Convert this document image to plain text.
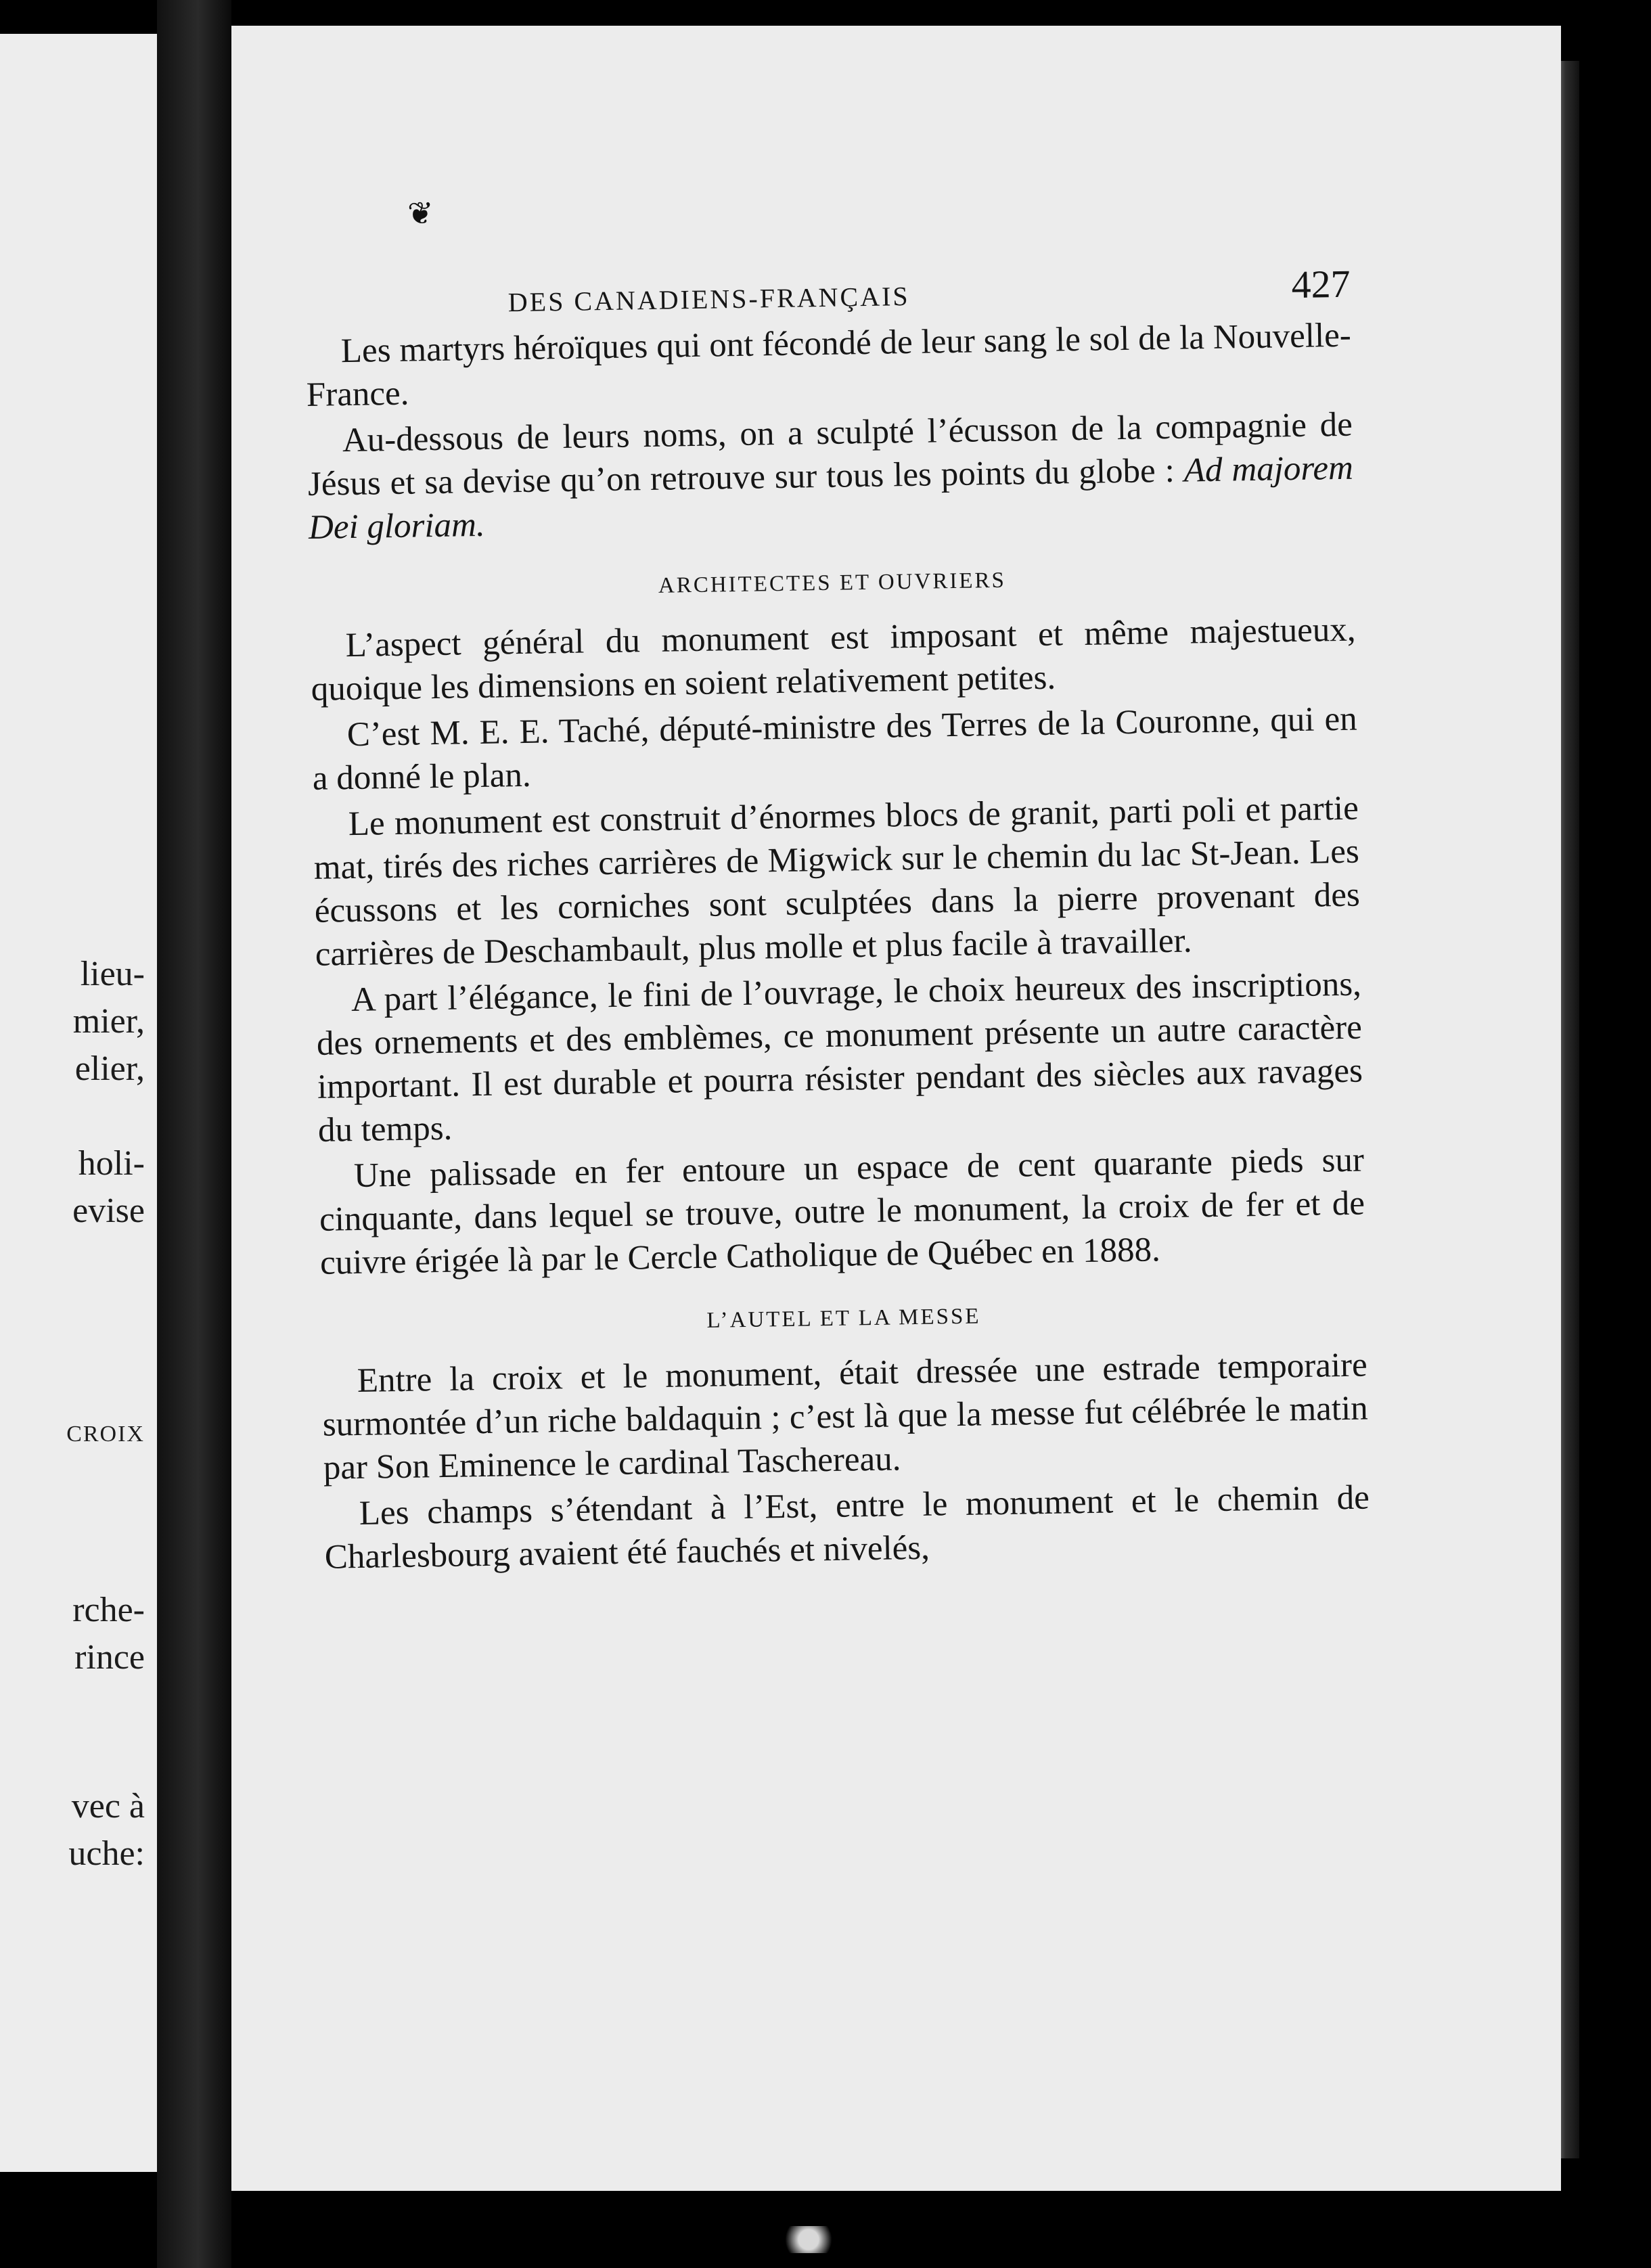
lieu-
mier,
elier,
holi-
evise
CROIX
rche-
rince
vec à
uche:
❦
DES CANADIENS-FRANÇAIS	427

Les martyrs héroïques qui ont fécondé de leur sang le sol de la Nouvelle-France.

Au-dessous de leurs noms, on a sculpté l’écusson de la compagnie de Jésus et sa devise qu’on retrouve sur tous les points du globe : Ad majorem Dei gloriam.

ARCHITECTES ET OUVRIERS

L’aspect général du monument est imposant et même majestueux, quoique les dimensions en soient relativement petites.

C’est M. E. E. Taché, député-ministre des Terres de la Couronne, qui en a donné le plan.

Le monument est construit d’énormes blocs de granit, parti poli et partie mat, tirés des riches carrières de Migwick sur le chemin du lac St-Jean. Les écussons et les corniches sont sculptées dans la pierre provenant des carrières de Deschambault, plus molle et plus facile à travailler.

A part l’élégance, le fini de l’ouvrage, le choix heureux des inscriptions, des ornements et des emblèmes, ce monument présente un autre caractère important. Il est durable et pourra résister pendant des siècles aux ravages du temps.

Une palissade en fer entoure un espace de cent quarante pieds sur cinquante, dans lequel se trouve, outre le monument, la croix de fer et de cuivre érigée là par le Cercle Catholique de Québec en 1888.

L’AUTEL ET LA MESSE

Entre la croix et le monument, était dressée une estrade temporaire surmontée d’un riche baldaquin ; c’est là que la messe fut célébrée le matin par Son Eminence le cardinal Taschereau.

Les champs s’étendant à l’Est, entre le monument et le chemin de Charlesbourg avaient été fauchés et nivelés,
